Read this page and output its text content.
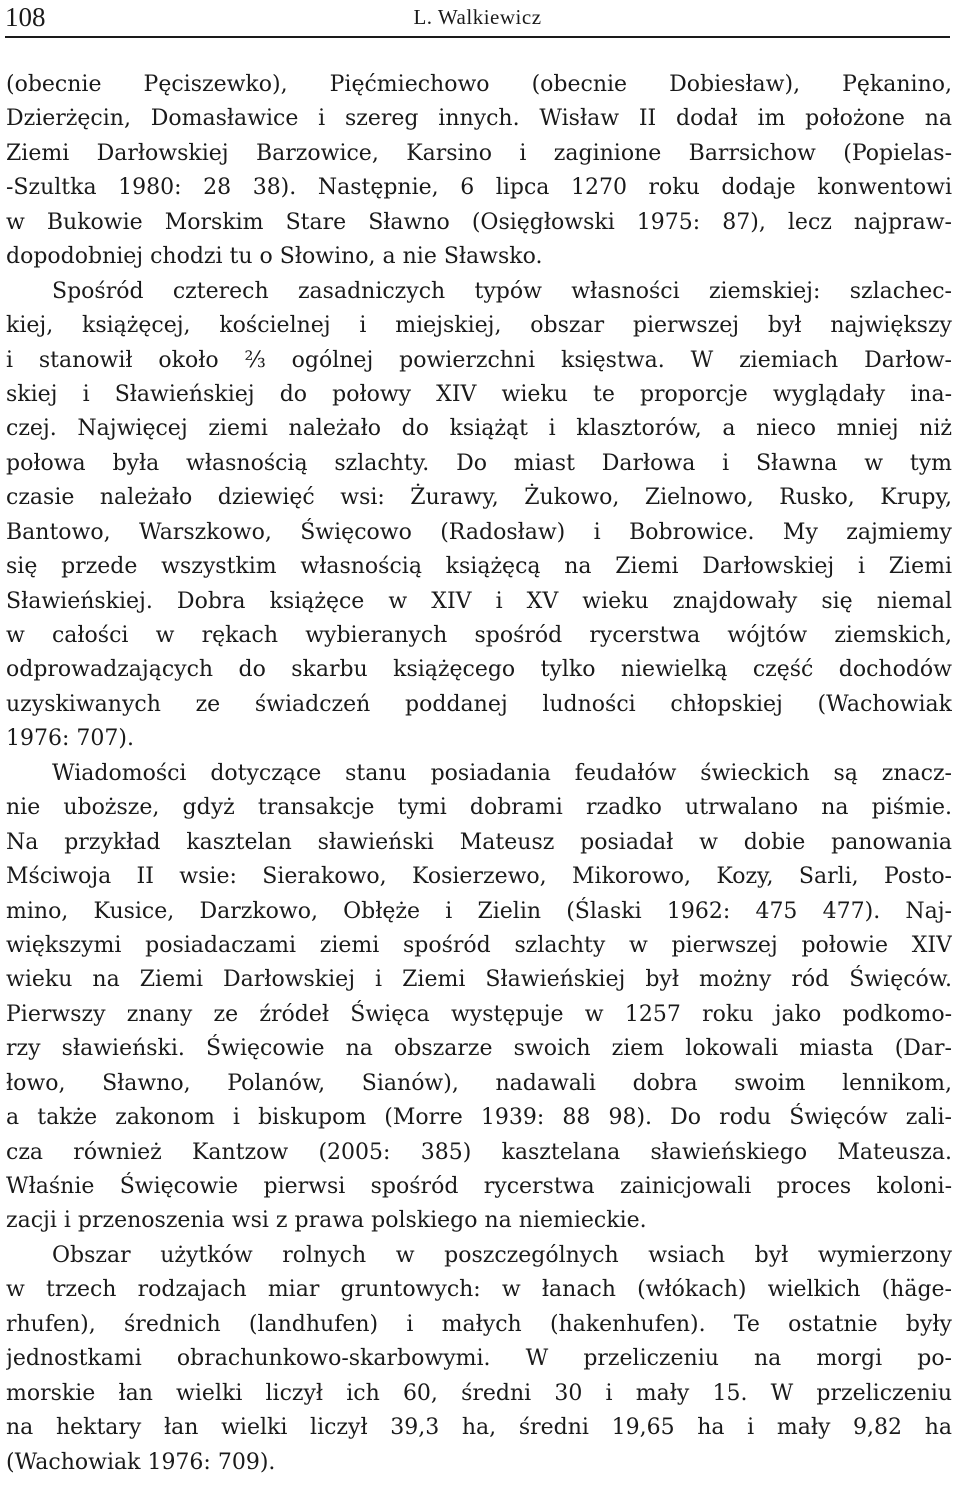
108	L. Walkiewicz
(obecnie Pęciszewko), Pięćmiechowo (obecnie Dobiesław), Pękanino,
Dzierżęcin, Domasławice i szereg innych. Wisław II dodał im położone na
Ziemi Darłowskiej Barzowice, Karsino i zaginione Barrsichow (Popielas-
-Szultka 1980: 28 38). Następnie, 6 lipca 1270 roku dodaje konwentowi
w Bukowie Morskim Stare Sławno (Osięgłowski 1975: 87), lecz najpraw-
dopodobniej chodzi tu o Słowino, a nie Sławsko.
Spośród czterech zasadniczych typów własności ziemskiej: szlachec-
kiej, książęcej, kościelnej i miejskiej, obszar pierwszej był największy
i stanowił około ⅔ ogólnej powierzchni księstwa. W ziemiach Darłow-
skiej i Sławieńskiej do połowy XIV wieku te proporcje wyglądały ina-
czej. Najwięcej ziemi należało do książąt i klasztorów, a nieco mniej niż
połowa była własnością szlachty. Do miast Darłowa i Sławna w tym
czasie należało dziewięć wsi: Żurawy, Żukowo, Zielnowo, Rusko, Krupy,
Bantowo, Warszkowo, Święcowo (Radosław) i Bobrowice. My zajmiemy
się przede wszystkim własnością książęcą na Ziemi Darłowskiej i Ziemi
Sławieńskiej. Dobra książęce w XIV i XV wieku znajdowały się niemal
w całości w rękach wybieranych spośród rycerstwa wójtów ziemskich,
odprowadzających do skarbu książęcego tylko niewielką część dochodów
uzyskiwanych ze świadczeń poddanej ludności chłopskiej (Wachowiak
1976: 707).
Wiadomości dotyczące stanu posiadania feudałów świeckich są znacz-
nie uboższe, gdyż transakcje tymi dobrami rzadko utrwalano na piśmie.
Na przykład kasztelan sławieński Mateusz posiadał w dobie panowania
Mściwoja II wsie: Sierakowo, Kosierzewo, Mikorowo, Kozy, Sarli, Posto-
mino, Kusice, Darzkowo, Obłęże i Zielin (Ślaski 1962: 475 477). Naj-
większymi posiadaczami ziemi spośród szlachty w pierwszej połowie XIV
wieku na Ziemi Darłowskiej i Ziemi Sławieńskiej był możny ród Święców.
Pierwszy znany ze źródeł Święca występuje w 1257 roku jako podkomo-
rzy sławieński. Święcowie na obszarze swoich ziem lokowali miasta (Dar-
łowo, Sławno, Polanów, Sianów), nadawali dobra swoim lennikom,
a także zakonom i biskupom (Morre 1939: 88 98). Do rodu Święców zali-
cza również Kantzow (2005: 385) kasztelana sławieńskiego Mateusza.
Właśnie Święcowie pierwsi spośród rycerstwa zainicjowali proces koloni-
zacji i przenoszenia wsi z prawa polskiego na niemieckie.
Obszar użytków rolnych w poszczególnych wsiach był wymierzony
w trzech rodzajach miar gruntowych: w łanach (włókach) wielkich (häge-
rhufen), średnich (landhufen) i małych (hakenhufen). Te ostatnie były
jednostkami obrachunkowo-skarbowymi. W przeliczeniu na morgi po-
morskie łan wielki liczył ich 60, średni 30 i mały 15. W przeliczeniu
na hektary łan wielki liczył 39,3 ha, średni 19,65 ha i mały 9,82 ha
(Wachowiak 1976: 709).
